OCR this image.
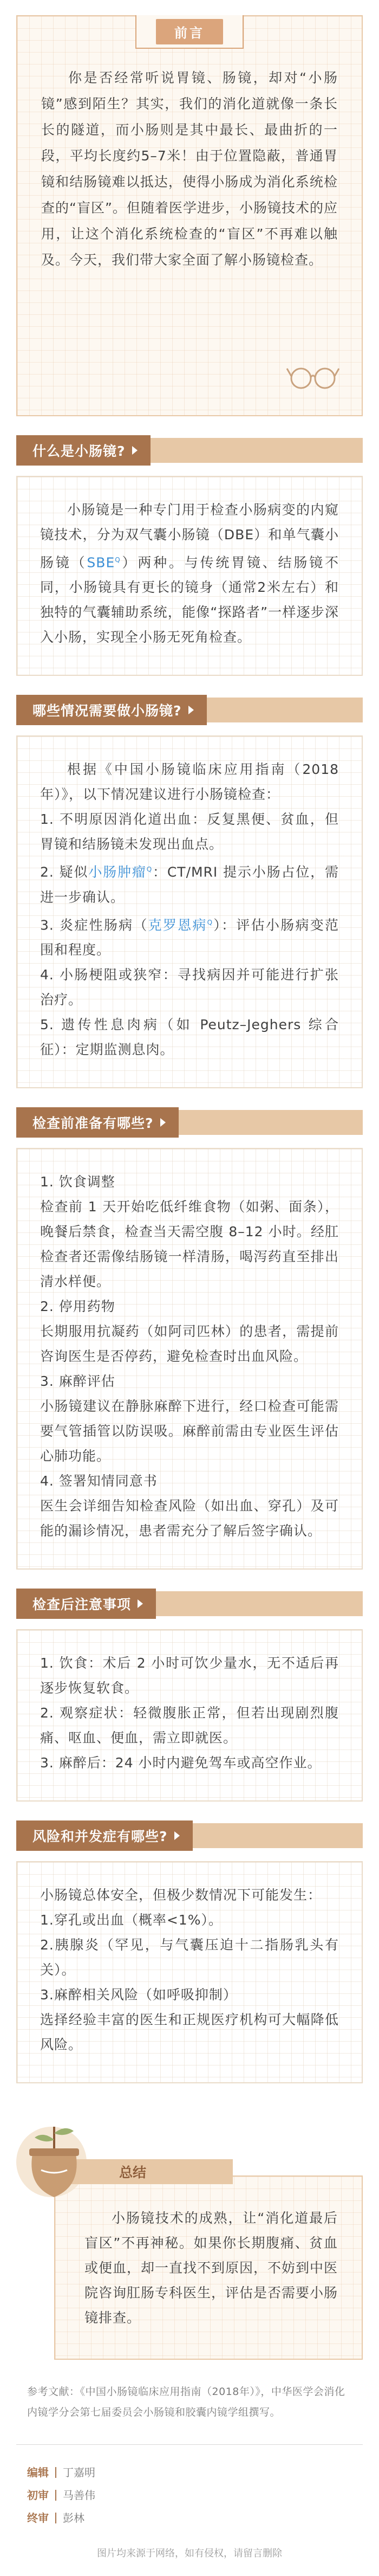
前言

你是否经常听说胃镜、肠镜，却对“小肠镜”感到陌生？其实，我们的消化道就像一条长长的隧道，而小肠则是其中最长、最曲折的一段，平均长度约5–7米！由于位置隐蔽，普通胃镜和结肠镜难以抵达，使得小肠成为消化系统检查的“盲区”。但随着医学进步，小肠镜技术的应用，让这个消化系统检查的“盲区”不再难以触及。今天，我们带大家全面了解小肠镜检查。

什么是小肠镜?

小肠镜是一种专门用于检查小肠病变的内窥镜技术，分为双气囊小肠镜（DBE）和单气囊小肠镜$(SBE^Q)$两种。与传统胃镜、结肠镜不同，小肠镜具有更长的镜身（通常2米左右）和独特的气囊辅助系统，能像“探路者”一样逐步深入小肠，实现全小肠无死角检查。

哪些情况需要做小肠镜?

根据《中国小肠镜临床应用指南（2018年）》，以下情况建议进行小肠镜检查：

1. 不明原因消化道出血：反复黑便、贫血，但胃镜和结肠镜未发现出血点。

2. 疑似小肠肿瘤$^Q$：CT/MRI 提示小肠占位，需进一步确认。

3. 炎症性肠病（克罗恩病$^Q$）：评估小肠病变范围和程度。

4. 小肠梗阻或狭窄：寻找病因并可能进行扩张治疗。

5. 遗传性息肉病（如 Peutz–Jeghers 综合征）：定期监测息肉。

检查前准备有哪些?

1. 饮食调整

检查前 1 天开始吃低纤维食物（如粥、面条），晚餐后禁食，检查当天需空腹 8–12 小时。经肛检查者还需像结肠镜一样清肠，喝泻药直至排出清水样便。

2. 停用药物

长期服用抗凝药（如阿司匹林）的患者，需提前咨询医生是否停药，避免检查时出血风险。

3. 麻醉评估

小肠镜建议在静脉麻醉下进行，经口检查可能需要气管插管以防误吸。麻醉前需由专业医生评估心肺功能。

4. 签署知情同意书

医生会详细告知检查风险（如出血、穿孔）及可能的漏诊情况，患者需充分了解后签字确认。

检查后注意事项

1. 饮食：术后 2 小时可饮少量水，无不适后再逐步恢复软食。

2. 观察症状：轻微腹胀正常，但若出现剧烈腹痛、呕血、便血，需立即就医。

3. 麻醉后：24 小时内避免驾车或高空作业。

风险和并发症有哪些?

小肠镜总体安全，但极少数情况下可能发生：

1.穿孔或出血（概率<1%）。

2.胰腺炎（罕见，与气囊压迫十二指肠乳头有关）。

3.麻醉相关风险（如呼吸抑制）

选择经验丰富的医生和正规医疗机构可大幅降低风险。

总结

小肠镜技术的成熟，让“消化道最后盲区”不再神秘。如果你长期腹痛、贫血或便血，却一直找不到原因，不妨到中医院咨询肛肠专科医生，评估是否需要小肠镜排查。

参考文献：《中国小肠镜临床应用指南（2018年）》，中华医学会消化内镜学分会第七届委员会小肠镜和胶囊内镜学组撰写。
编辑 丁嘉明
初审 马善伟
终审 彭林
图片均来源于网络，如有侵权，请留言删除
